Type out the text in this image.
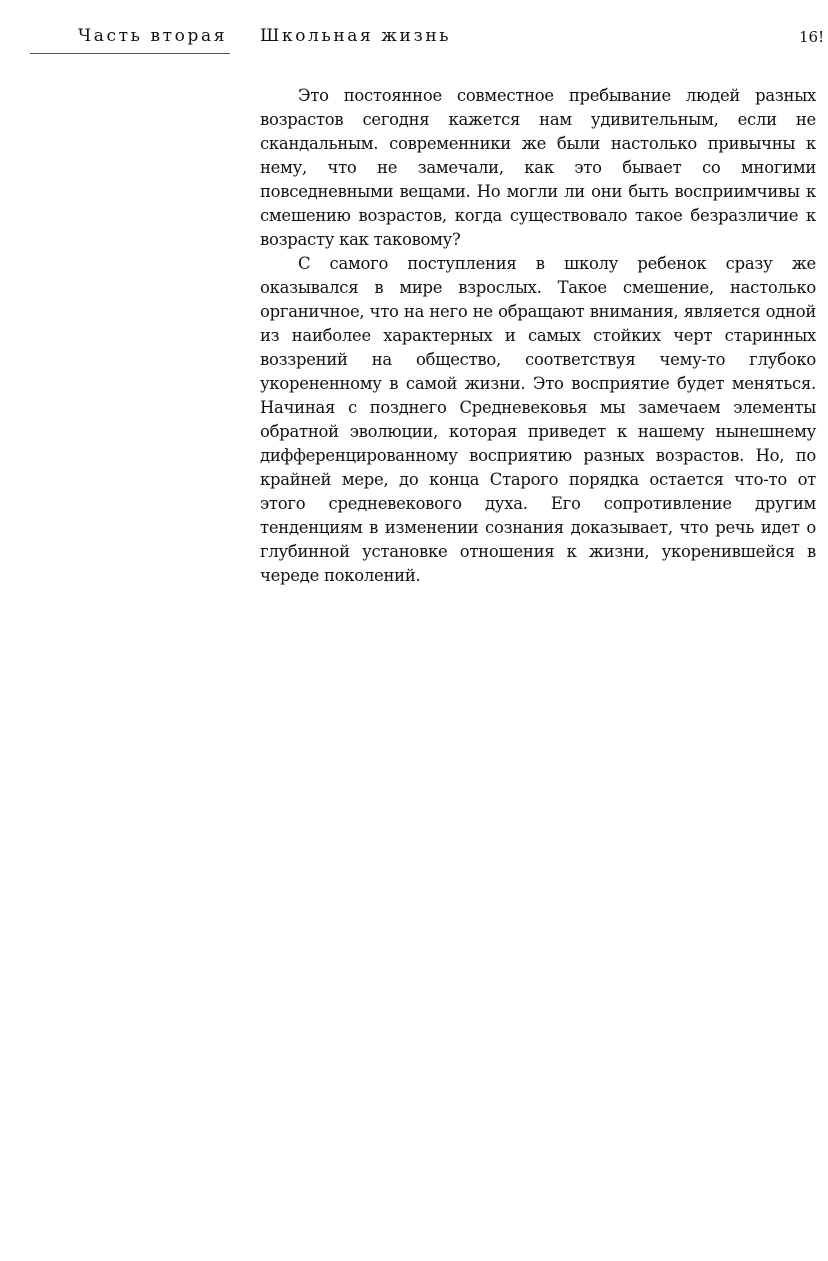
Часть вторая Школьная жизнь	16!

Это постоянное совместное пребывание людей разных возрастов сегодня кажется нам удивительным, если не скандальным. современники же были настолько привычны к нему, что не замечали, как это бывает со многими повседневными вещами. Но могли ли они быть восприимчивы к смешению возрастов, когда существовало такое безразличие к возрасту как таковому?

С самого поступления в школу ребенок сразу же оказывался в мире взрослых. Такое смешение, настолько органичное, что на него не обращают внимания, является одной из наиболее характерных и самых стойких черт старинных воззрений на общество, соответствуя чему-то глубоко укорененному в самой жизни. Это восприятие будет меняться. Начиная с позднего Средневековья мы замечаем элементы обратной эволюции, которая приведет к нашему нынешнему дифференцированному восприятию разных возрастов. Но, по крайней мере, до конца Старого порядка остается что-то от этого средневекового духа. Его сопротивление другим тенденциям в изменении сознания доказывает, что речь идет о глубинной установке отношения к жизни, укоренившейся в череде поколений.
